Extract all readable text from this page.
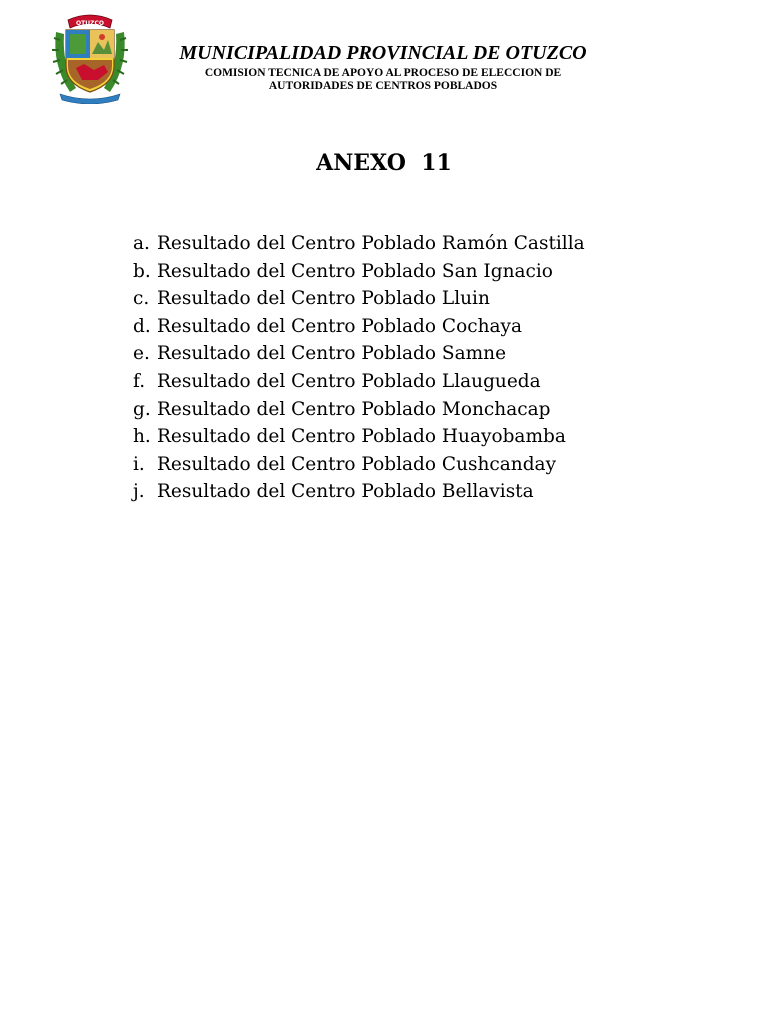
OTUZCO
MUNICIPALIDAD PROVINCIAL DE OTUZCO
COMISION TECNICA DE APOYO AL PROCESO DE ELECCION DE
AUTORIDADES DE CENTROS POBLADOS
ANEXO  11
a. Resultado del Centro Poblado Ramón Castilla
b. Resultado del Centro Poblado San Ignacio
c. Resultado del Centro Poblado Lluin
d. Resultado del Centro Poblado Cochaya
e. Resultado del Centro Poblado Samne
f. Resultado del Centro Poblado Llaugueda
g. Resultado del Centro Poblado Monchacap
h. Resultado del Centro Poblado Huayobamba
i. Resultado del Centro Poblado Cushcanday
j. Resultado del Centro Poblado Bellavista
